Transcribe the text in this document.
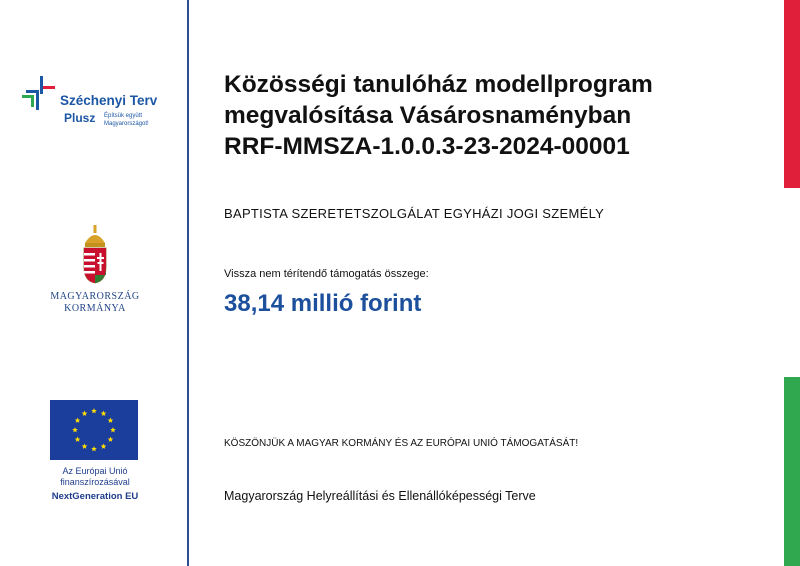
Széchenyi Terv
Plusz Építsük együtt Magyarországot!
MAGYARORSZÁG
KORMÁNYA
Az Európai Unió
finanszírozásával
NextGeneration EU
Közösségi tanulóház modellprogram
megvalósítása Vásárosnaményban
RRF-MMSZA-1.0.0.3-23-2024-00001
BAPTISTA SZERETETSZOLGÁLAT EGYHÁZI JOGI SZEMÉLY
Vissza nem térítendő támogatás összege:
38,14 millió forint
KÖSZÖNJÜK A MAGYAR KORMÁNY ÉS AZ EURÓPAI UNIÓ TÁMOGATÁSÁT!
Magyarország Helyreállítási és Ellenállóképességi Terve
